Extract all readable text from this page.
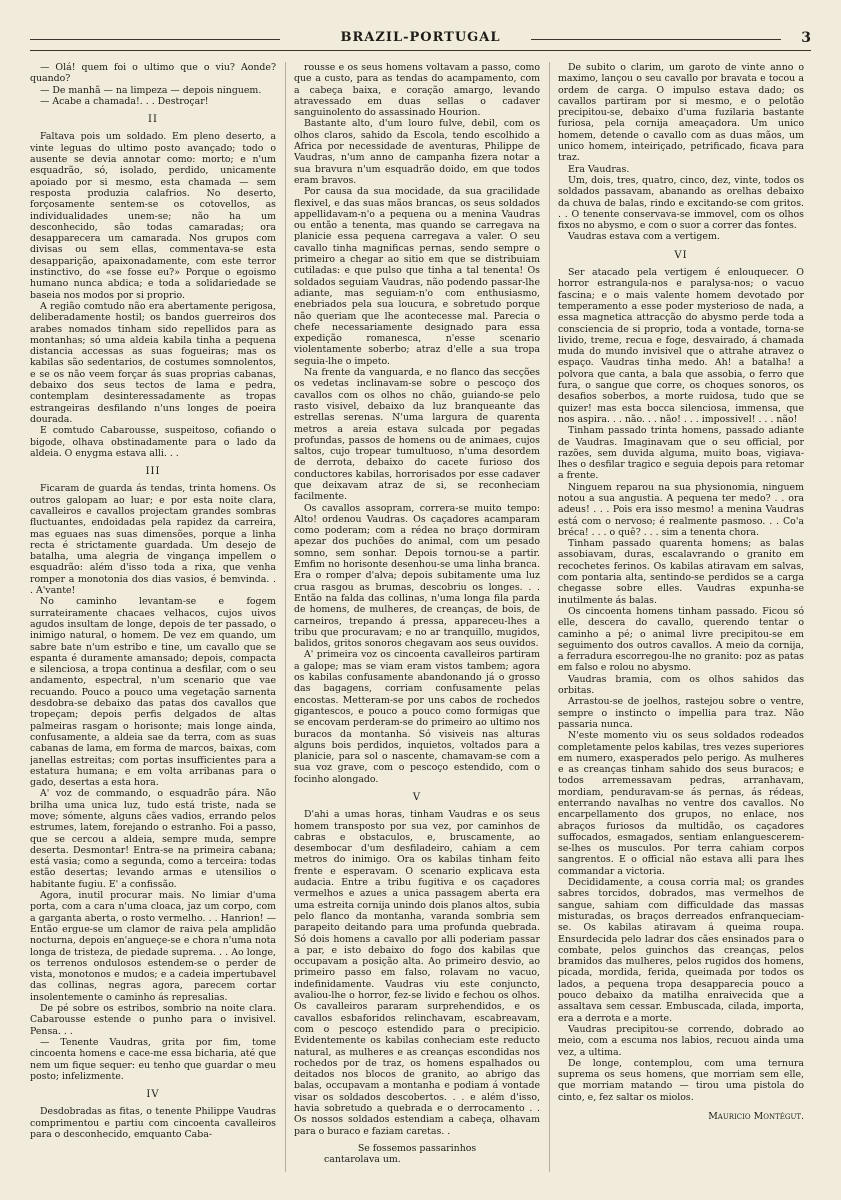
BRAZIL-PORTUGAL	3

— Olá! quem foi o ultimo que o viu? Aonde? quando?

— De manhã — na limpeza — depois ninguem.

— Acabe a chamada!. . . Destroçar!

II

Faltava pois um soldado. Em pleno deserto, a vinte leguas do ultimo posto avançado; todo o ausente se devia annotar como: morto; e n'um esquadrão, só, isolado, perdido, unicamente apoiado por si mesmo, esta chamada — sem resposta produzia calafrios. No deserto, forçosamente sentem-se os cotovellos, as individualidades unem-se; não ha um desconhecido, são todas camaradas; ora desapparecera um camarada. Nos grupos com divisas ou sem ellas, commentava-se esta desapparição, apaixonadamente, com este terror instinctivo, do «se fosse eu?» Porque o egoismo humano nunca abdica; e toda a solidariedade se baseia nos modos por si proprio.

A região comtudo não era abertamente perigosa, deliberadamente hostil; os bandos guerreiros dos arabes nomados tinham sido repellidos para as montanhas; só uma aldeia kabila tinha a pequena distancia accessas as suas fogueiras; mas os kabilas são sedentarios, de costumes somnolentos, e se os não veem forçar ás suas proprias cabanas, debaixo dos seus tectos de lama e pedra, contemplam desinteressadamente as tropas estrangeiras desfilando n'uns longes de poeira dourada.

E comtudo Cabarousse, suspeitoso, cofiando o bigode, olhava obstinadamente para o lado da aldeia. O enygma estava alli. . .

III

Ficaram de guarda ás tendas, trinta homens. Os outros galopam ao luar; e por esta noite clara, cavalleiros e cavallos projectam grandes sombras fluctuantes, endoidadas pela rapidez da carreira, mas eguaes nas suas dimensões, porque a linha recta é strictamente guardada. Um desejo de batalha, uma alegria de vingança impellem o esquadrão: além d'isso toda a rixa, que venha romper a monotonia dos dias vasios, é bemvinda. . . A'vante!

No caminho levantam-se e fogem surrateiramente chacaes velhacos, cujos uivos agudos insultam de longe, depois de ter passado, o inimigo natural, o homem. De vez em quando, um sabre bate n'um estribo e tine, um cavallo que se espanta é duramente amansado; depois, compacta e silenciosa, a tropa continua a desfilar, com o seu andamento, espectral, n'um scenario que vae recuando. Pouco a pouco uma vegetação sarnenta desdobra-se debaixo das patas dos cavallos que tropeçam; depois perfis delgados de altas palmeiras rasgam o horisonte; mais longe ainda, confusamente, a aldeia sae da terra, com as suas cabanas de lama, em forma de marcos, baixas, com janellas estreitas; com portas insufficientes para a estatura humana; e em volta arribanas para o gado, desertas a esta hora.

A' voz de commando, o esquadrão pára. Não brilha uma unica luz, tudo está triste, nada se move; sómente, alguns cães vadios, errando pelos estrumes, latem, forejando o estranho. Foi a passo, que se cercou a aldeia, sempre muda, sempre deserta. Desmontar! Entra-se na primeira cabana; está vasia; como a segunda, como a terceira: todas estão desertas; levando armas e utensilios o habitante fugiu. E' a confissão.

Agora, inutil procurar mais. No limiar d'uma porta, com a cara n'uma cloaca, jaz um corpo, com a garganta aberta, o rosto vermelho. . . Hanrion! — Então ergue-se um clamor de raiva pela amplidão nocturna, depois en'angueçe-se e chora n'uma nota longa de tristeza, de piedade suprema. . . Ao longe, os terrenos ondulosos estendem-se o perder de vista, monotonos e mudos; e a cadeia impertubavel das collinas, negras agora, parecem cortar insolentemente o caminho ás represalias.

De pé sobre os estribos, sombrio na noite clara. Cabarousse estende o punho para o invisivel. Pensa. . .

— Tenente Vaudras, grita por fim, tome cincoenta homens e cace-me essa bicharia, até que nem um fique sequer: eu tenho que guardar o meu posto; infelizmente.

IV

Desdobradas as fitas, o tenente Philippe Vaudras comprimentou e partiu com cincoenta cavalleiros para o desconhecido, emquanto Caba-

rousse e os seus homens voltavam a passo, como que a custo, para as tendas do acampamento, com a cabeça baixa, e coração amargo, levando atravessado em duas sellas o cadaver sanguinolento do assassinado Hourion.

Bastante alto, d'um louro fulve, debil, com os olhos claros, sahido da Escola, tendo escolhido a Africa por necessidade de aventuras, Philippe de Vaudras, n'um anno de campanha fizera notar a sua bravura n'um esquadrão doido, em que todos eram bravos.

Por causa da sua mocidade, da sua gracilidade flexivel, e das suas mãos brancas, os seus soldados appellidavam-n'o a pequena ou a menina Vaudras ou então a tenenta, mas quando se carregava na planicie essa pequena carregava a valer. O seu cavallo tinha magnificas pernas, sendo sempre o primeiro a chegar ao sitio em que se distribuiam cutiladas: e que pulso que tinha a tal tenenta! Os soldados seguiam Vaudras, não podendo passar-lhe adiante, mas seguiam-n'o com enthusiasmo, enebriados pela sua loucura, e sobretudo porque não queriam que lhe acontecesse mal. Parecia o chefe necessariamente designado para essa expedição romanesca, n'esse scenario violentamente soberbo; atraz d'elle a sua tropa seguia-lhe o impeto.

Na frente da vanguarda, e no flanco das secções os vedetas inclinavam-se sobre o pescoço dos cavallos com os olhos no chão, guiando-se pelo rasto visivel, debaixo da luz branqueante das estrellas serenas. N'uma largura de quarenta metros a areia estava sulcada por pegadas profundas, passos de homens ou de animaes, cujos saltos, cujo tropear tumultuoso, n'uma desordem de derrota, debaixo do cacete furioso dos conductores kabilas, horrorisados por esse cadaver que deixavam atraz de si, se reconheciam facilmente.

Os cavallos assopram, correra-se muito tempo: Alto! ordenou Vaudras. Os caçadores acamparam como poderam; com a rédea no braço dormiram apezar dos puchões do animal, com um pesado somno, sem sonhar. Depois tornou-se a partir. Emfim no horisonte desenhou-se uma linha branca. Era o romper d'alva; depois subitamente uma luz crua rasgou as brumas, descobriu os longes. . . Então na falda das collinas, n'uma longa fila parda de homens, de mulheres, de creanças, de bois, de carneiros, trepando á pressa, appareceu-lhes a tribu que procuravam; e no ar tranquillo, mugidos, balidos, gritos sonoros chegavam aos seus ouvidos.

A' primeira voz os cincoenta cavalleiros partiram a galope; mas se viam eram vistos tambem; agora os kabilas confusamente abandonando já o grosso das bagagens, corriam confusamente pelas encostas. Metteram-se por uns cabos de rochedos gigantescos, e pouco a pouco como formigas que se encovam perderam-se do primeiro ao ultimo nos buracos da montanha. Só visiveis nas alturas alguns bois perdidos, inquietos, voltados para a planicie, para sol o nascente, chamavam-se com a sua voz grave, com o pescoço estendido, com o focinho alongado.

V

D'ahi a umas horas, tinham Vaudras e os seus homem transposto por sua vez, por caminhos de cabras e obstaculos, e, bruscamente, ao desembocar d'um desfiladeiro, cahiam a cem metros do inimigo. Ora os kabilas tinham feito frente e esperavam. O scenario explicava esta audacia. Entre a tribu fugitiva e os caçadores vermelhos e azues a unica passagem aberta era uma estreita cornija unindo dois planos altos, subia pelo flanco da montanha, varanda sombria sem parapeito deitando para uma profunda quebrada. Só dois homens a cavallo por alli poderiam passar a par, e isto debaixo do fogo dos kabilas que occupavam a posição alta. Ao primeiro desvio, ao primeiro passo em falso, rolavam no vacuo, indefinidamente. Vaudras viu este conjuncto, avaliou-lhe o horror, fez-se livido e fechou os olhos. Os cavalleiros pararam surprehendidos, e os cavallos esbaforidos relinchavam, escabreavam, com o pescoço estendido para o precipicio. Evidentemente os kabilas conheciam este reducto natural, as mulheres e as creanças escondidas nos rochedos por de traz, os homens espalhados ou deitados nos blocos de granito, ao abrigo das balas, occupavam a montanha e podiam á vontade visar os soldados descobertos. . . e além d'isso, havia sobretudo a quebrada e o derrocamento . . Os nossos soldados estendiam a cabeça, olhavam para o buraco e faziam caretas. .

Se fossemos passarinhos

cantarolava um.

De subito o clarim, um garoto de vinte anno o maximo, lançou o seu cavallo por bravata e tocou a ordem de carga. O impulso estava dado; os cavallos partiram por si mesmo, e o pelotão precipitou-se, debaixo d'uma fuzilaria bastante furiosa, pela cornija ameaçadora. Um unico homem, detende o cavallo com as duas mãos, um unico homem, inteiriçado, petrificado, ficava para traz.

Era Vaudras.

Um, dois, tres, quatro, cinco, dez, vinte, todos os soldados passavam, abanando as orelhas debaixo da chuva de balas, rindo e excitando-se com gritos. . . O tenente conservava-se immovel, com os olhos fixos no abysmo, e com o suor a correr das fontes.

Vaudras estava com a vertigem.

VI

Ser atacado pela vertigem é enlouquecer. O horror estrangula-nos e paralysa-nos; o vacuo fascina; e o mais valente homem devotado por temperamento a esse poder mysterioso de nada, a essa magnetica attracção do abysmo perde toda a consciencia de si proprio, toda a vontade, torna-se livido, treme, recua e foge, desvairado, á chamada muda do mundo invisivel que o attrahe atravez o espaço. Vaudras tinha medo. Ah! a batalha! a polvora que canta, a bala que assobia, o ferro que fura, o sangue que corre, os choques sonoros, os desafios soberbos, a morte ruidosa, tudo que se quizer! mas esta bocca silenciosa, immensa, que nos aspira. . . não. . . não! . . . impossivel! . . . não!

Tinham passado trinta homens, passado adiante de Vaudras. Imaginavam que o seu official, por razões, sem duvida alguma, muito boas, vigiava-lhes o desfilar tragico e seguia depois para retomar a frente.

Ninguem reparou na sua physionomia, ninguem notou a sua angustia. A pequena ter medo? . . ora adeus! . . . Pois era isso mesmo! a menina Vaudras está com o nervoso; é realmente pasmoso. . . Co'a bréca! . . . o quê? . . . sim a tenenta chora.

Tinham passado quarenta homens; as balas assobiavam, duras, escalavrando o granito em recochetes ferinos. Os kabilas atiravam em salvas, com pontaria alta, sentindo-se perdidos se a carga chegasse sobre elles. Vaudras expunha-se inutilmente ás balas.

Os cincoenta homens tinham passado. Ficou só elle, descera do cavallo, querendo tentar o caminho a pé; o animal livre precipitou-se em seguimento dos outros cavallos. A meio da cornija, a ferradura escorregou-lhe no granito: poz as patas em falso e rolou no abysmo.

Vaudras bramia, com os olhos sahidos das orbitas.

Arrastou-se de joelhos, rastejou sobre o ventre, sempre o instincto o impellia para traz. Não passaria nunca.

N'este momento viu os seus soldados rodeados completamente pelos kabilas, tres vezes superiores em numero, exasperados pelo perigo. As mulheres e as creanças tinham sahido dos seus buracos; e todos arremessavam pedras, arranhavam, mordiam, penduravam-se ás pernas, ás rédeas, enterrando navalhas no ventre dos cavallos. No encarpellamento dos grupos, no enlace, nos abraços furiosos da multidão, os caçadores suffocados, esmagados, sentiam enlanguescerem-se-lhes os musculos. Por terra cahiam corpos sangrentos. E o official não estava alli para lhes commandar a victoria.

Decididamente, a cousa corria mal; os grandes sabres torcidos, dobrados, mas vermelhos de sangue, sahiam com difficuldade das massas misturadas, os braços derreados enfranqueciam-se. Os kabilas atiravam á queima roupa. Ensurdecida pelo ladrar dos cães ensinados para o combate, pelos guinchos das creanças, pelos bramidos das mulheres, pelos rugidos dos homens, picada, mordida, ferida, queimada por todos os lados, a pequena tropa desapparecia pouco a pouco debaixo da matilha enraivecida que a assaltava sem cessar. Embuscada, cilada, importa, era a derrota e a morte.

Vaudras precipitou-se correndo, dobrado ao meio, com a escuma nos labios, recuou ainda uma vez, a ultima.

De longe, contemplou, com uma ternura suprema os seus homens, que morriam sem elle, que morriam matando — tirou uma pistola do cinto, e, fez saltar os miolos.

Mauricio Montégut.
